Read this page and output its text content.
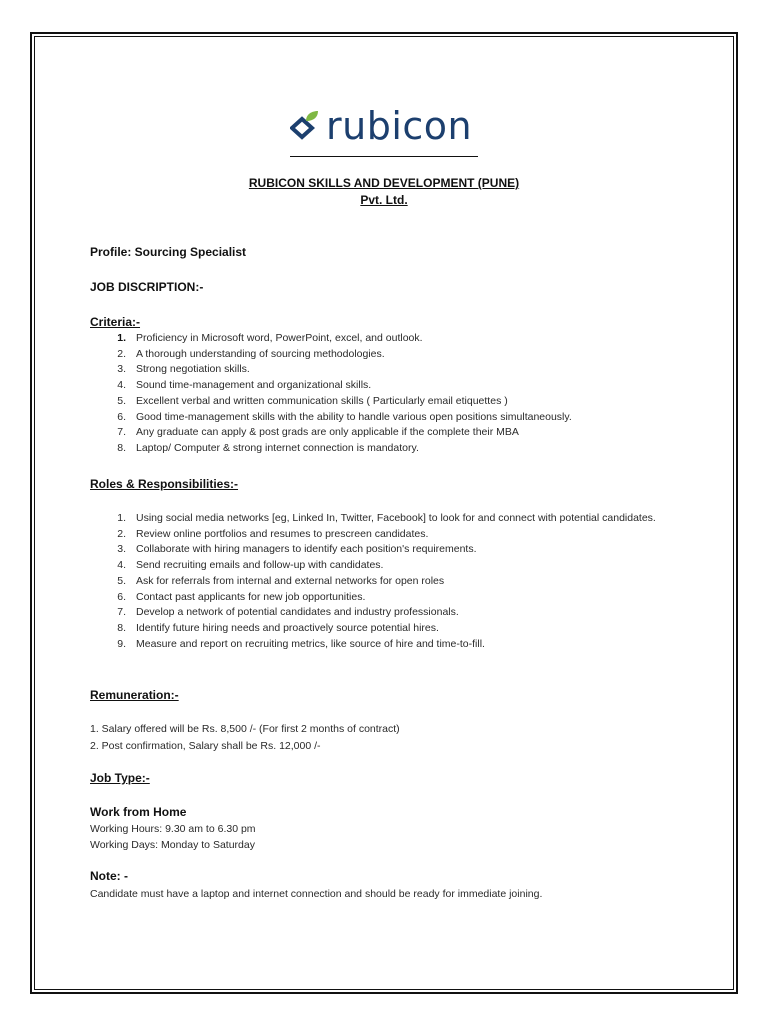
rubicon
RUBICON SKILLS AND DEVELOPMENT (PUNE)
Pvt. Ltd.
Profile: Sourcing Specialist
JOB DISCRIPTION:-
Criteria:-
1. Proficiency in Microsoft word, PowerPoint, excel, and outlook.
2. A thorough understanding of sourcing methodologies.
3. Strong negotiation skills.
4. Sound time-management and organizational skills.
5. Excellent verbal and written communication skills ( Particularly email etiquettes )
6. Good time-management skills with the ability to handle various open positions simultaneously.
7. Any graduate can apply & post grads are only applicable if the complete their MBA
8. Laptop/ Computer & strong internet connection is mandatory.
Roles & Responsibilities:-
1. Using social media networks [eg, Linked In, Twitter, Facebook] to look for and connect with potential candidates.
2. Review online portfolios and resumes to prescreen candidates.
3. Collaborate with hiring managers to identify each position's requirements.
4. Send recruiting emails and follow-up with candidates.
5. Ask for referrals from internal and external networks for open roles
6. Contact past applicants for new job opportunities.
7. Develop a network of potential candidates and industry professionals.
8. Identify future hiring needs and proactively source potential hires.
9. Measure and report on recruiting metrics, like source of hire and time-to-fill.
Remuneration:-
1. Salary offered will be Rs. 8,500 /- (For first 2 months of contract)
2. Post confirmation, Salary shall be Rs. 12,000 /-
Job Type:-
Work from Home
Working Hours: 9.30 am to 6.30 pm
Working Days: Monday to Saturday
Note: -
Candidate must have a laptop and internet connection and should be ready for immediate joining.
